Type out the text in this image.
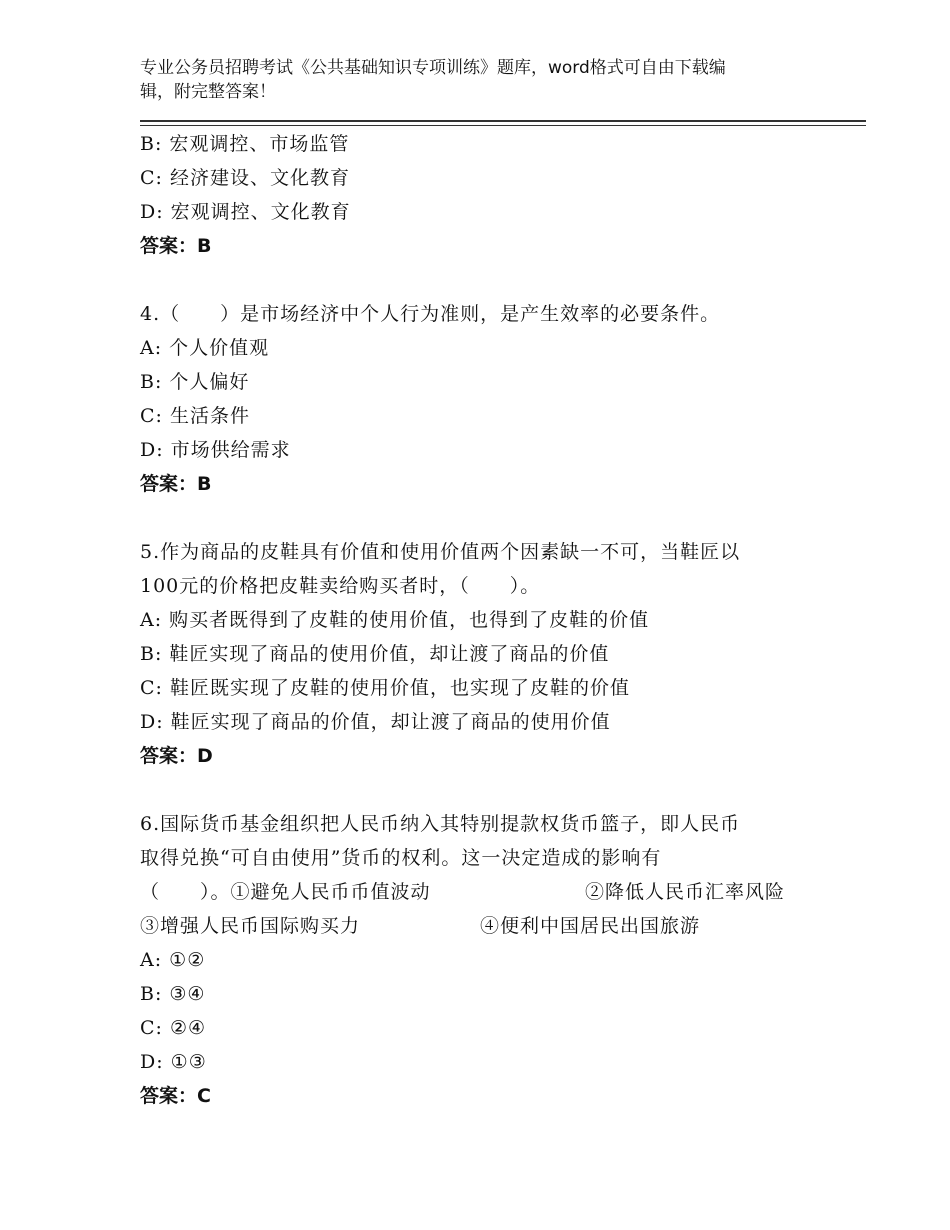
专业公务员招聘考试《公共基础知识专项训练》题库，word格式可自由下载编
辑，附完整答案！
B: 宏观调控、市场监管
C: 经济建设、文化教育
D: 宏观调控、文化教育
答案：B
4.（　　）是市场经济中个人行为准则，是产生效率的必要条件。
A: 个人价值观
B: 个人偏好
C: 生活条件
D: 市场供给需求
答案：B
5.作为商品的皮鞋具有价值和使用价值两个因素缺一不可，当鞋匠以
100元的价格把皮鞋卖给购买者时，（　　）。
A: 购买者既得到了皮鞋的使用价值，也得到了皮鞋的价值
B: 鞋匠实现了商品的使用价值，却让渡了商品的价值
C: 鞋匠既实现了皮鞋的使用价值，也实现了皮鞋的价值
D: 鞋匠实现了商品的价值，却让渡了商品的使用价值
答案：D
6.国际货币基金组织把人民币纳入其特别提款权货币篮子，即人民币
取得兑换“可自由使用”货币的权利。这一决定造成的影响有
（　　）。①避免人民币币值波动	②降低人民币汇率风险
③增强人民币国际购买力	④便利中国居民出国旅游
A: ①②
B: ③④
C: ②④
D: ①③
答案：C
